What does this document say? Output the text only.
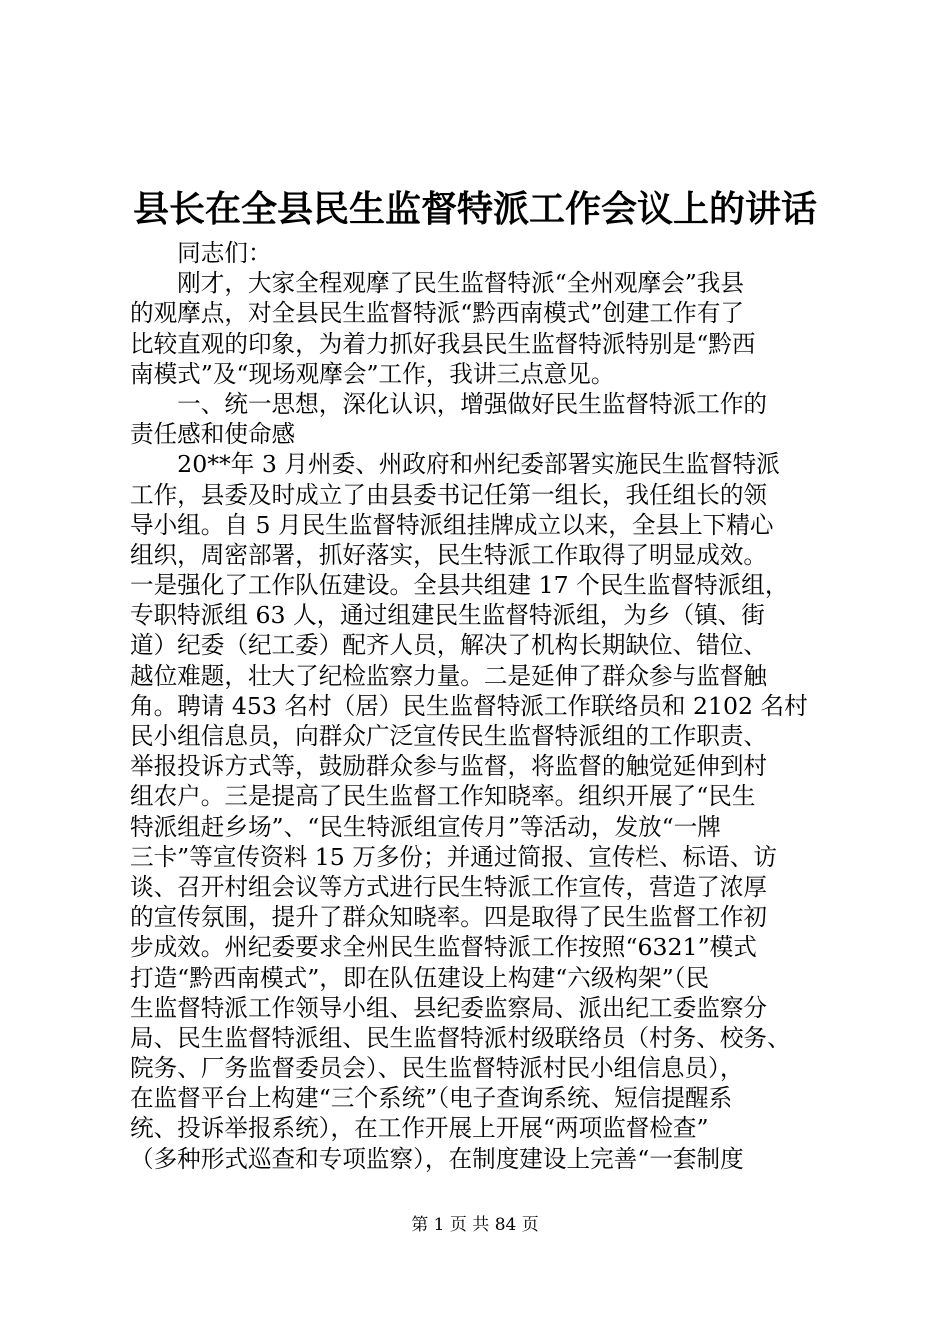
县长在全县民生监督特派工作会议上的讲话
　　同志们：
　　刚才，大家全程观摩了民生监督特派“全州观摩会”我县
的观摩点，对全县民生监督特派“黔西南模式”创建工作有了
比较直观的印象，为着力抓好我县民生监督特派特别是“黔西
南模式”及“现场观摩会”工作，我讲三点意见。
　　一、统一思想，深化认识，增强做好民生监督特派工作的
责任感和使命感
　　20**年 3 月州委、州政府和州纪委部署实施民生监督特派
工作，县委及时成立了由县委书记任第一组长，我任组长的领
导小组。自 5 月民生监督特派组挂牌成立以来，全县上下精心
组织，周密部署，抓好落实，民生特派工作取得了明显成效。
一是强化了工作队伍建设。全县共组建 17 个民生监督特派组，
专职特派组 63 人，通过组建民生监督特派组，为乡（镇、街
道）纪委（纪工委）配齐人员，解决了机构长期缺位、错位、
越位难题，壮大了纪检监察力量。二是延伸了群众参与监督触
角。聘请 453 名村（居）民生监督特派工作联络员和 2102 名村
民小组信息员，向群众广泛宣传民生监督特派组的工作职责、
举报投诉方式等，鼓励群众参与监督，将监督的触觉延伸到村
组农户。三是提高了民生监督工作知晓率。组织开展了“民生
特派组赶乡场”、“民生特派组宣传月”等活动，发放“一牌
三卡”等宣传资料 15 万多份；并通过简报、宣传栏、标语、访
谈、召开村组会议等方式进行民生特派工作宣传，营造了浓厚
的宣传氛围，提升了群众知晓率。四是取得了民生监督工作初
步成效。州纪委要求全州民生监督特派工作按照“6321”模式
打造“黔西南模式”，即在队伍建设上构建“六级构架”（民
生监督特派工作领导小组、县纪委监察局、派出纪工委监察分
局、民生监督特派组、民生监督特派村级联络员（村务、校务、
院务、厂务监督委员会）、民生监督特派村民小组信息员），
在监督平台上构建“三个系统”（电子查询系统、短信提醒系
统、投诉举报系统），在工作开展上开展“两项监督检查”
（多种形式巡查和专项监察），在制度建设上完善“一套制度
第 1 页 共 84 页
